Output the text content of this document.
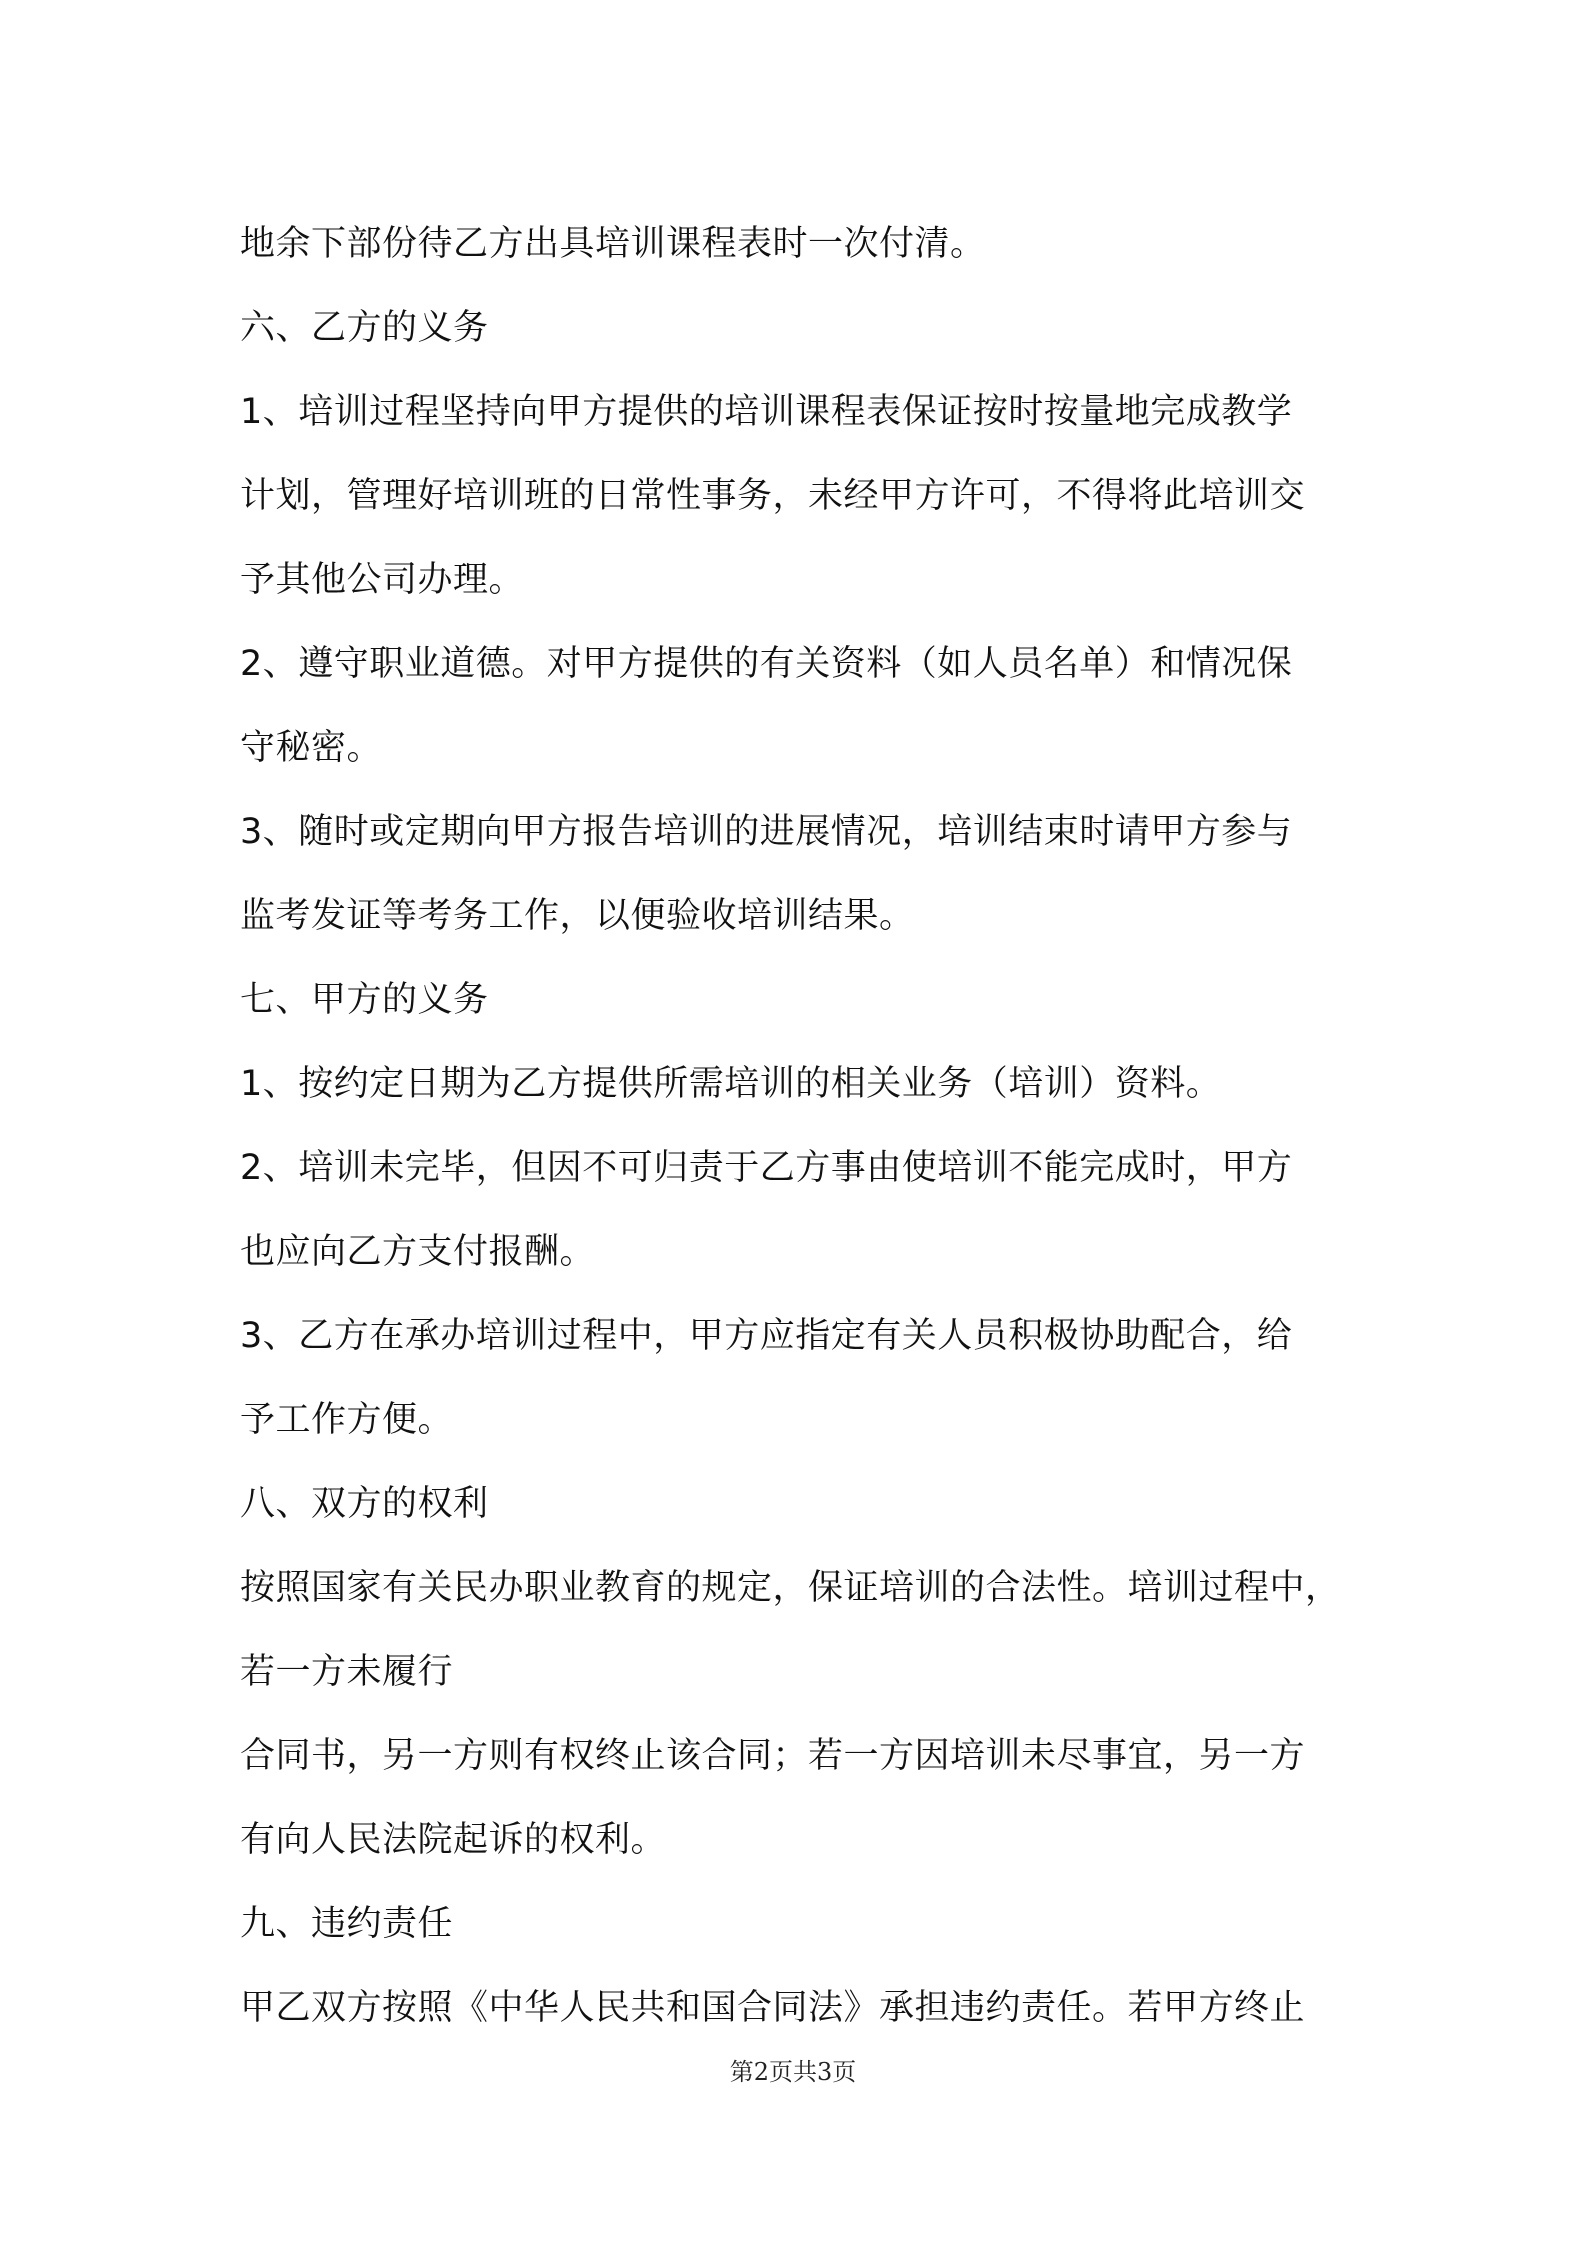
地余下部份待乙方出具培训课程表时一次付清。
六、乙方的义务
1、培训过程坚持向甲方提供的培训课程表保证按时按量地完成教学
计划，管理好培训班的日常性事务，未经甲方许可，不得将此培训交
予其他公司办理。
2、遵守职业道德。对甲方提供的有关资料（如人员名单）和情况保
守秘密。
3、随时或定期向甲方报告培训的进展情况，培训结束时请甲方参与
监考发证等考务工作，以便验收培训结果。
七、甲方的义务
1、按约定日期为乙方提供所需培训的相关业务（培训）资料。
2、培训未完毕，但因不可归责于乙方事由使培训不能完成时，甲方
也应向乙方支付报酬。
3、乙方在承办培训过程中，甲方应指定有关人员积极协助配合，给
予工作方便。
八、双方的权利
按照国家有关民办职业教育的规定，保证培训的合法性。培训过程中，
若一方未履行
合同书，另一方则有权终止该合同；若一方因培训未尽事宜，另一方
有向人民法院起诉的权利。
九、违约责任
甲乙双方按照《中华人民共和国合同法》承担违约责任。若甲方终止
第2页共3页
